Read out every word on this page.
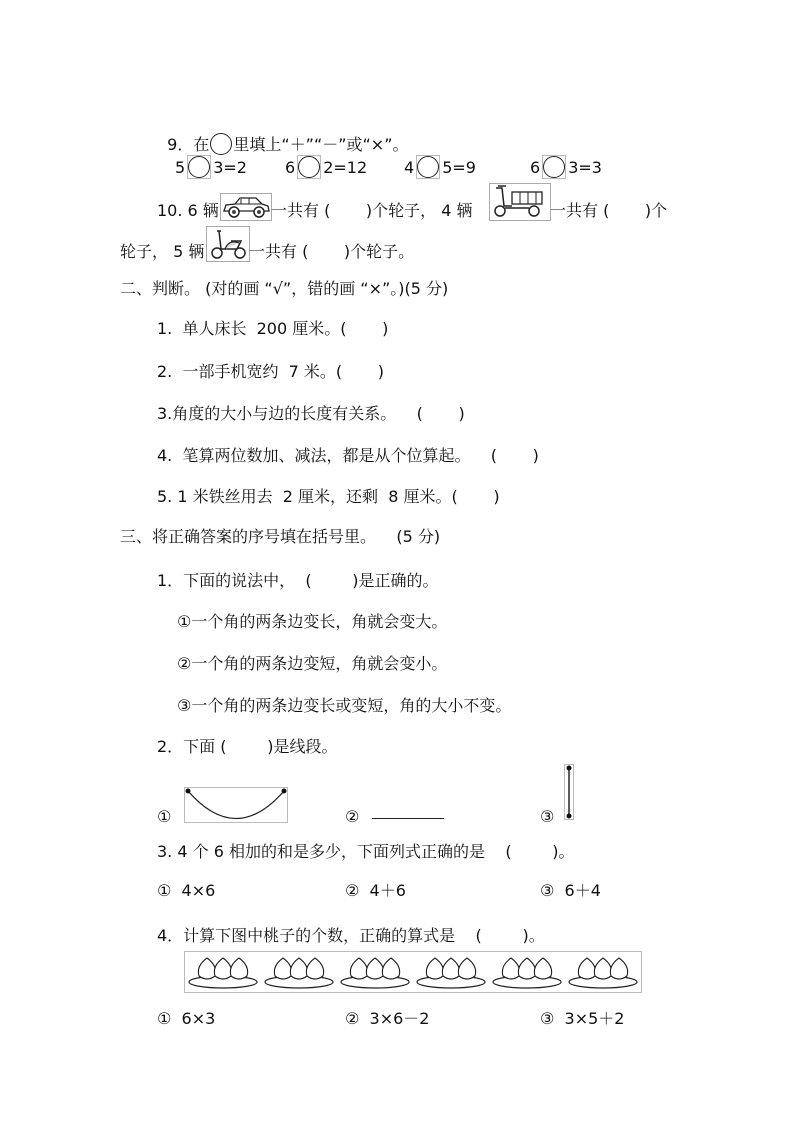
9．在 里填上“＋”“－”或“×”。

5 3=2 6 2=12 4 5=9	6 3=3
10. 6 辆	一共有 (       )个轮子， 4 辆	一共有 (       )个
轮子， 5 辆	一共有 (       )个轮子。
二、判断。 (对的画 “√”，错的画 “×”。)(5 分)
1.  单人床长  200 厘米。(       )
2.  一部手机宽约  7 米。(       )
3.角度的大小与边的长度有关系。    (       )
4.  笔算两位数加、减法，都是从个位算起。    (       )
5. 1 米铁丝用去  2 厘米，还剩  8 厘米。(       )
三、将正确答案的序号填在括号里。    (5 分)
1．下面的说法中，  (        )是正确的。
①一个角的两条边变长，角就会变大。
②一个角的两条边变短，角就会变小。
③一个角的两条边变长或变短，角的大小不变。
2．下面 (        )是线段。
①	②	③
3. 4 个 6 相加的和是多少，下面列式正确的是    (        )。
①  4×6	②  4＋6	③  6＋4
4．计算下图中桃子的个数，正确的算式是    (        )。
①  6×3	②  3×6－2	③  3×5＋2
